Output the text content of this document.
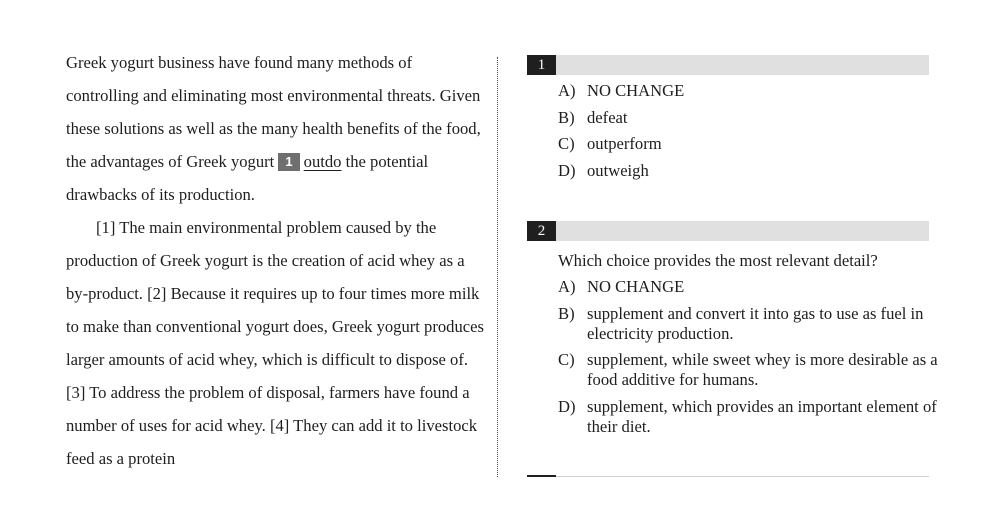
Greek yogurt business have found many methods of controlling and eliminating most environmental threats. Given these solutions as well as the many health benefits of the food, the advantages of Greek yogurt 1 outdo the potential drawbacks of its production.

[1] The main environmental problem caused by the production of Greek yogurt is the creation of acid whey as a by-product. [2] Because it requires up to four times more milk to make than conventional yogurt does, Greek yogurt produces larger amounts of acid whey, which is difficult to dispose of. [3] To address the problem of disposal, farmers have found a number of uses for acid whey. [4] They can add it to livestock feed as a protein

1
A) NO CHANGE
B) defeat
C) outperform
D) outweigh
2
Which choice provides the most relevant detail?
A) NO CHANGE
B) supplement and convert it into gas to use as fuel in electricity production.
C) supplement, while sweet whey is more desirable as a food additive for humans.
D) supplement, which provides an important element of their diet.
